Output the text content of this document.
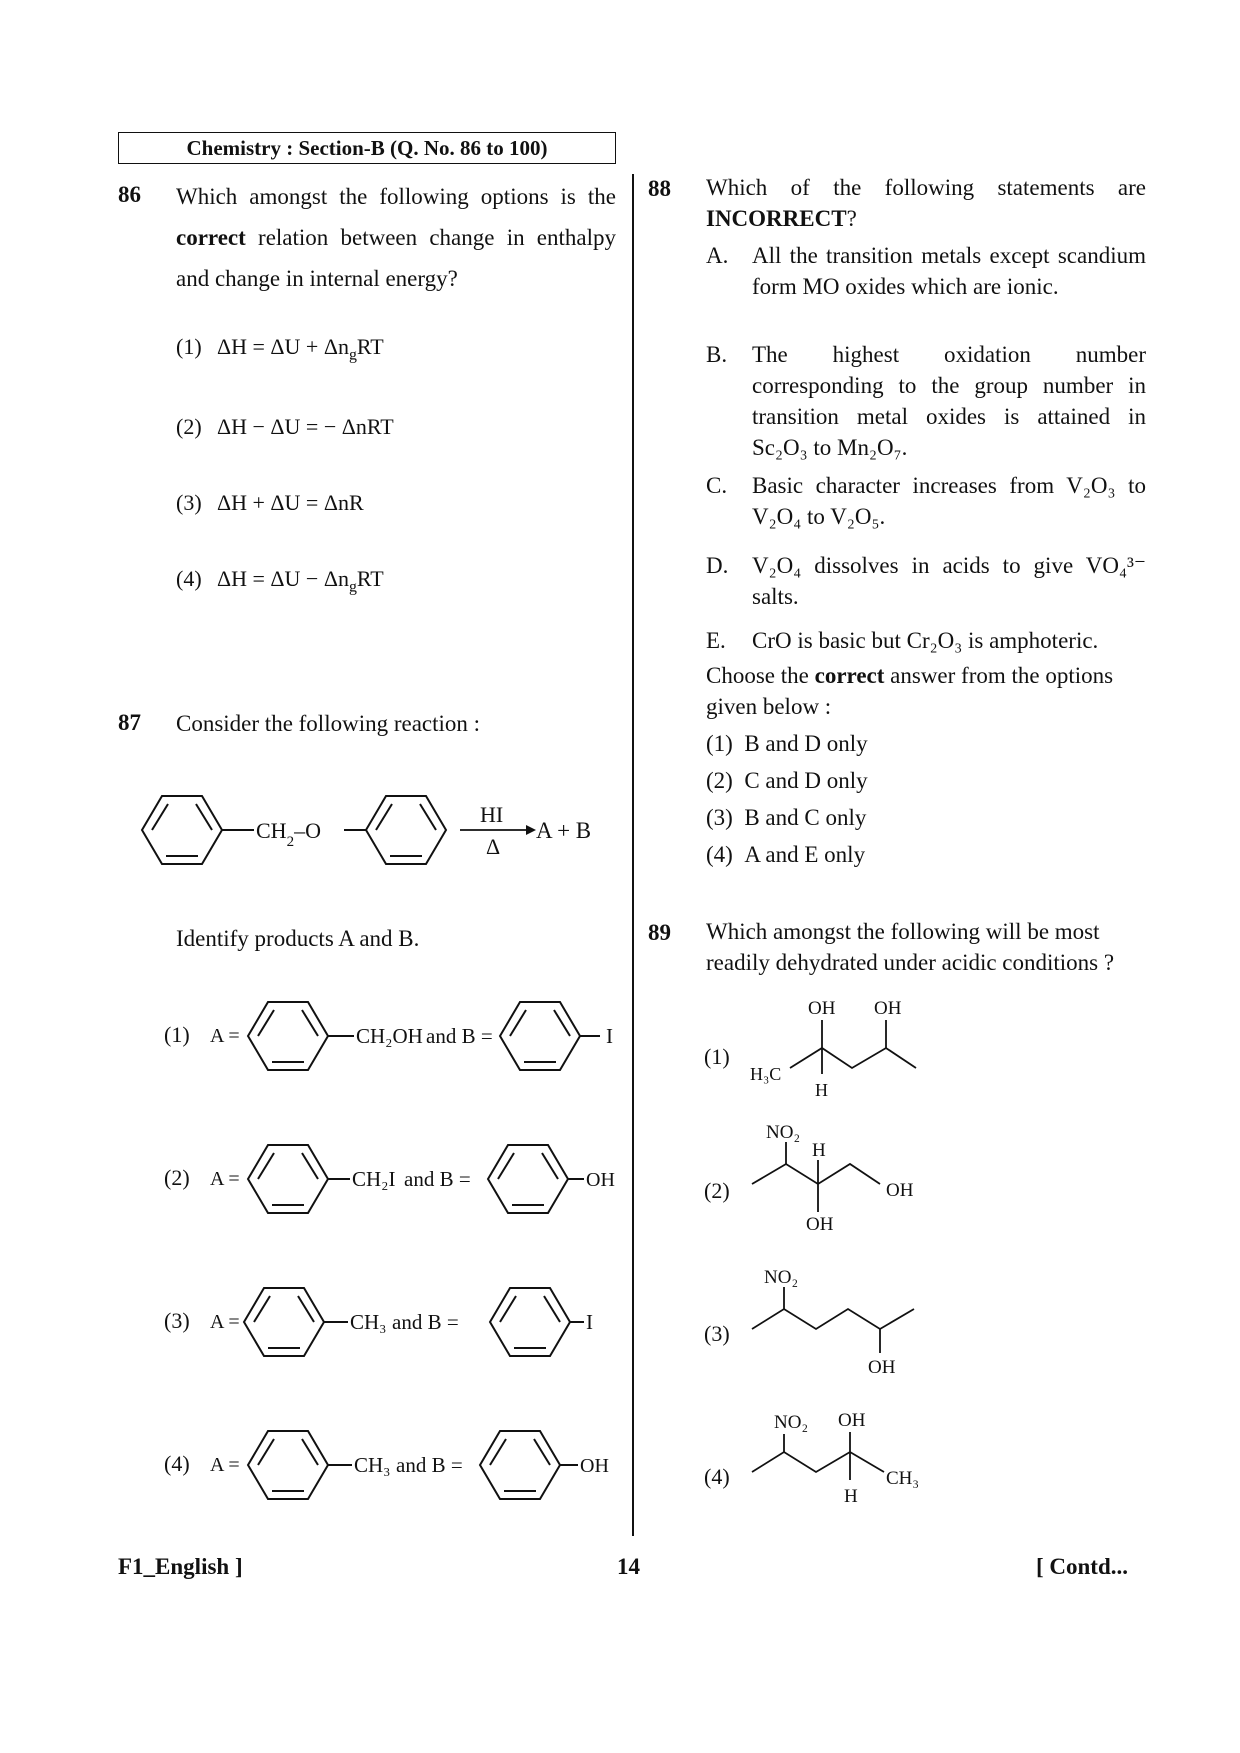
Chemistry : Section-B (Q. No. 86 to 100)
86 Which amongst the following options is the correct relation between change in enthalpy and change in internal energy?
(1) $\Delta H = \Delta U + \Delta n_gRT$
(2) ΔH − ΔU = − ΔnRT
(3) ΔH + ΔU = ΔnR
(4) $\Delta H = \Delta U - \Delta n_gRT$
87 Consider the following reaction :
$CH_2-O$
HI
Δ
A + B
Identify products A and B.
(1) A =	CH₂OH and B =	I
(2) A =	CH₂I and B =	OH
(3) A =	CH₃ and B =	I
(4) A =	CH₃ and B =	OH
88 Which of the following statements are INCORRECT?
A. All the transition metals except scandium form MO oxides which are ionic.
B. The highest oxidation number corresponding to the group number in transition metal oxides is attained in Sc₂O₃ to Mn₂O₇.
C. Basic character increases from V₂O₃ to V₂O₄ to V₂O₅.
D. V₂O₄ dissolves in acids to give VO₄³⁻ salts.
E. CrO is basic but Cr₂O₃ is amphoteric.
Choose the correct answer from the options given below :
(1) B and D only
(2) C and D only
(3) B and C only
(4) A and E only
89 Which amongst the following will be most readily dehydrated under acidic conditions ?
(1)
OH OH
H₃C
H
(2)
NO₂
H
OH
OH
(3)
NO₂
OH
(4)
NO₂ OH
CH₃
H
F1_English ]	14	[ Contd...
